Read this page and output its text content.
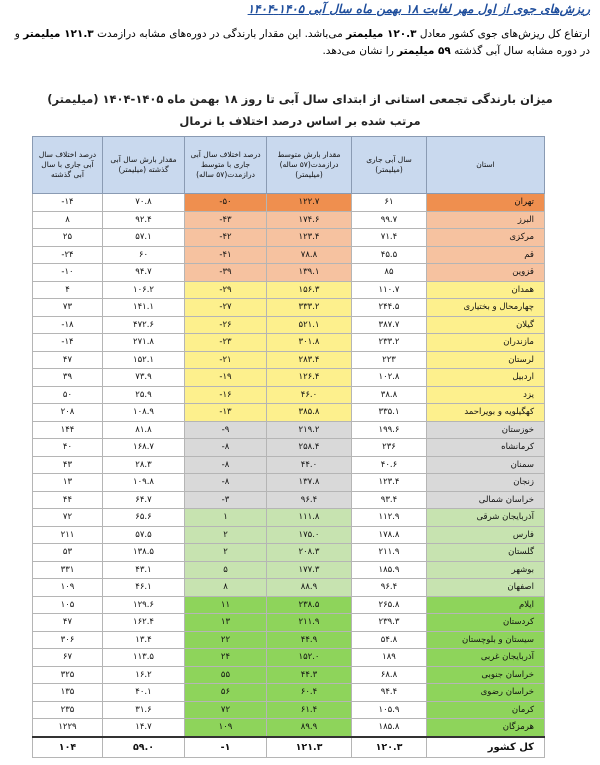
ریزش‌های جوی از اول مهر لغایت ۱۸ بهمن ماه سال آبی ۱۴۰۵-۱۴۰۴
ارتفاع کل ریزش‌های جوی کشور معادل ۱۲۰.۳ میلیمتر می‌باشد. این مقدار بارندگی در دوره‌های مشابه درازمدت ۱۲۱.۳ میلیمتر و در دوره مشابه سال آبی گذشته ۵۹ میلیمتر را نشان می‌دهد.
میزان بارندگی تجمعی استانی از ابتدای سال آبی تا روز ۱۸ بهمن ماه ۱۴۰۵-۱۴۰۴ (میلیمتر)
مرتب شده بر اساس درصد اختلاف با نرمال
درصد اختلاف سال آبی جاری با سال آبی گذشته	مقدار بارش سال آبی گذشته (میلیمتر)	درصد اختلاف سال آبی جاری با متوسط درازمدت(۵۷ ساله)	مقدار بارش متوسط درازمدت(۵۷ ساله) (میلیمتر)	سال آبی جاری (میلیمتر)	استان
-۱۴	۷۰.۸	-۵۰	۱۲۲.۷	۶۱	تهران
۸	۹۲.۴	-۴۳	۱۷۴.۶	۹۹.۷	البرز
۲۵	۵۷.۱	-۴۲	۱۲۳.۴	۷۱.۴	مرکزی
-۲۴	۶۰	-۴۱	۷۸.۸	۴۵.۵	قم
-۱۰	۹۴.۷	-۳۹	۱۳۹.۱	۸۵	قزوین
۴	۱۰۶.۲	-۲۹	۱۵۶.۳	۱۱۰.۷	همدان
۷۳	۱۴۱.۱	-۲۷	۳۳۳.۲	۲۴۴.۵	چهارمحال و بختیاری
-۱۸	۴۷۲.۶	-۲۶	۵۲۱.۱	۳۸۷.۷	گیلان
-۱۴	۲۷۱.۸	-۲۳	۳۰۱.۸	۲۳۳.۲	مازندران
۴۷	۱۵۲.۱	-۲۱	۲۸۳.۴	۲۲۳	لرستان
۳۹	۷۳.۹	-۱۹	۱۲۶.۴	۱۰۲.۸	اردبیل
۵۰	۲۵.۹	-۱۶	۴۶.۰	۳۸.۸	یزد
۲۰۸	۱۰۸.۹	-۱۳	۳۸۵.۸	۳۳۵.۱	کهگیلویه و بویراحمد
۱۴۴	۸۱.۸	-۹	۲۱۹.۲	۱۹۹.۶	خوزستان
۴۰	۱۶۸.۷	-۸	۲۵۸.۴	۲۳۶	کرمانشاه
۴۳	۲۸.۳	-۸	۴۴.۰	۴۰.۶	سمنان
۱۳	۱۰۹.۸	-۸	۱۳۷.۸	۱۲۳.۴	زنجان
۴۴	۶۴.۷	-۳	۹۶.۴	۹۳.۴	خراسان شمالی
۷۲	۶۵.۶	۱	۱۱۱.۸	۱۱۲.۹	آذربایجان شرقی
۲۱۱	۵۷.۵	۲	۱۷۵.۰	۱۷۸.۸	فارس
۵۳	۱۳۸.۵	۲	۲۰۸.۳	۲۱۱.۹	گلستان
۳۳۱	۴۳.۱	۵	۱۷۷.۳	۱۸۵.۹	بوشهر
۱۰۹	۴۶.۱	۸	۸۸.۹	۹۶.۴	اصفهان
۱۰۵	۱۲۹.۶	۱۱	۲۳۸.۵	۲۶۵.۸	ایلام
۴۷	۱۶۲.۴	۱۳	۲۱۱.۹	۲۳۹.۳	کردستان
۳۰۶	۱۳.۴	۲۲	۴۴.۹	۵۴.۸	سیستان و بلوچستان
۶۷	۱۱۳.۵	۲۴	۱۵۲.۰	۱۸۹	آذربایجان غربی
۳۲۵	۱۶.۲	۵۵	۴۴.۳	۶۸.۸	خراسان جنوبی
۱۳۵	۴۰.۱	۵۶	۶۰.۴	۹۴.۴	خراسان رضوی
۲۳۵	۳۱.۶	۷۲	۶۱.۴	۱۰۵.۹	کرمان
۱۲۲۹	۱۴.۷	۱۰۹	۸۹.۹	۱۸۵.۸	هرمزگان
۱۰۴	۵۹.۰	-۱	۱۲۱.۳	۱۲۰.۳	کل کشور
